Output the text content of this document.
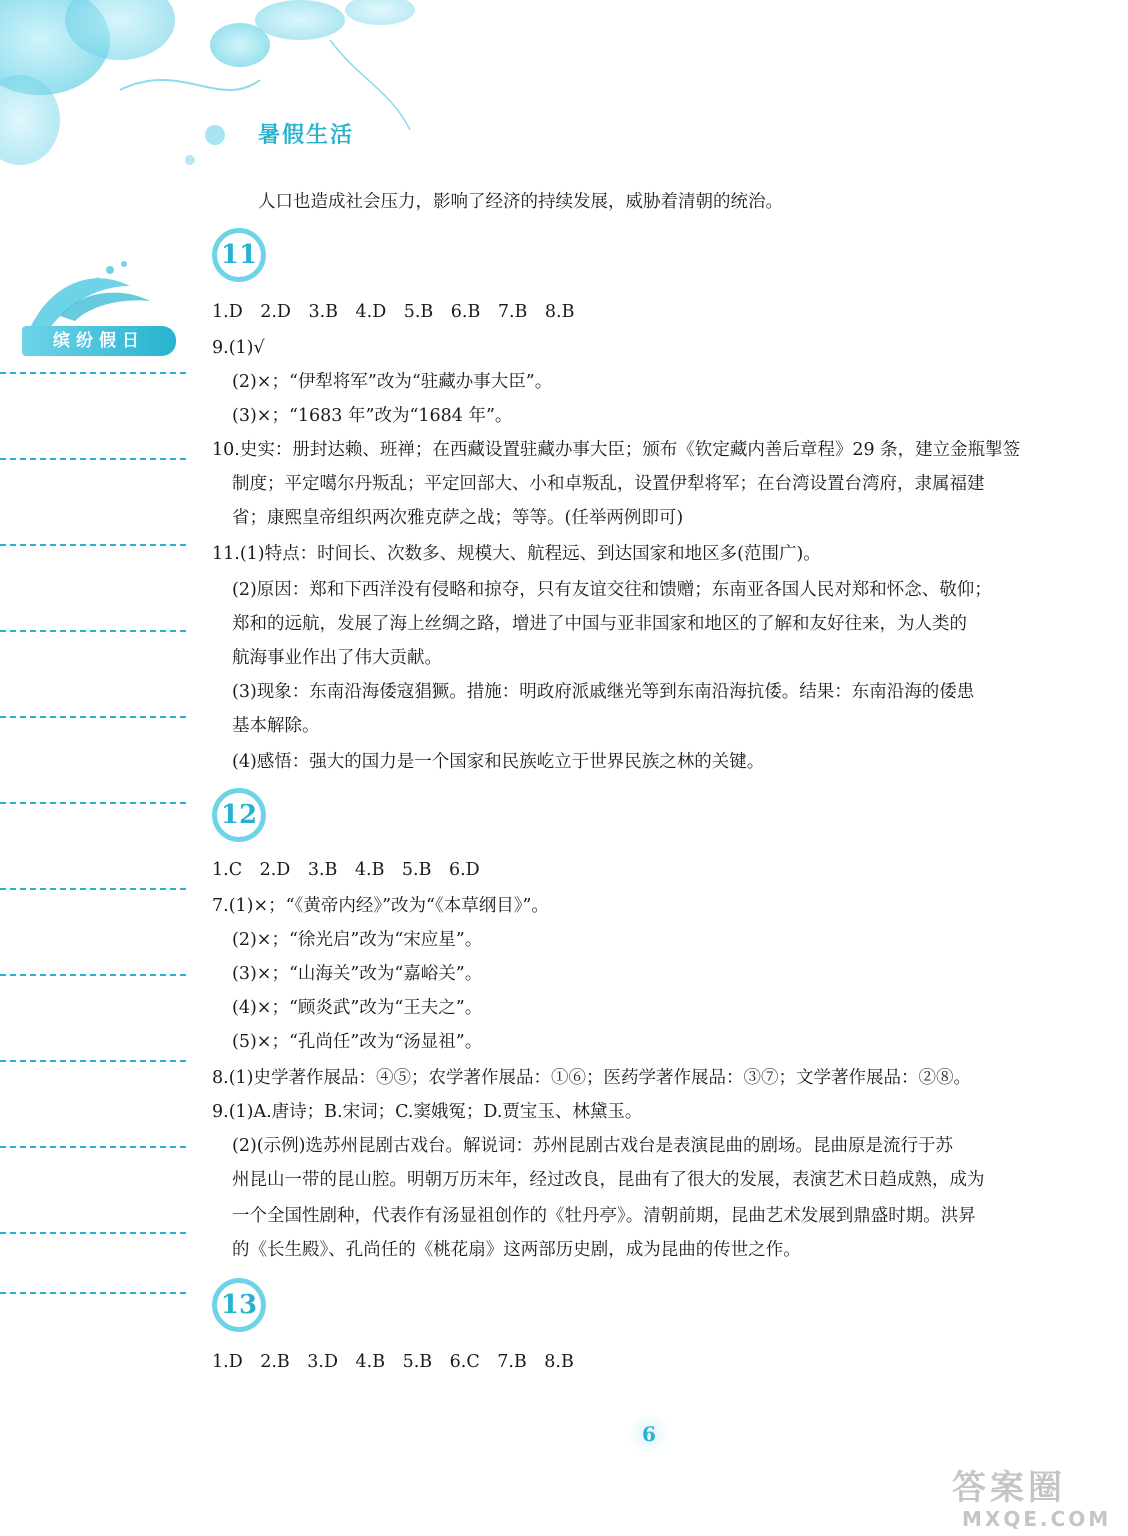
暑假生活
缤纷假日
人口也造成社会压力，影响了经济的持续发展，威胁着清朝的统治。
11
1.D　2.D　3.B　4.D　5.B　6.B　7.B　8.B
9.(1)√
(2)×；“伊犁将军”改为“驻藏办事大臣”。
(3)×；“1683 年”改为“1684 年”。
10.史实：册封达赖、班禅；在西藏设置驻藏办事大臣；颁布《钦定藏内善后章程》29 条，建立金瓶掣签
制度；平定噶尔丹叛乱；平定回部大、小和卓叛乱，设置伊犁将军；在台湾设置台湾府，隶属福建
省；康熙皇帝组织两次雅克萨之战；等等。(任举两例即可)
11.(1)特点：时间长、次数多、规模大、航程远、到达国家和地区多(范围广)。
(2)原因：郑和下西洋没有侵略和掠夺，只有友谊交往和馈赠；东南亚各国人民对郑和怀念、敬仰；
郑和的远航，发展了海上丝绸之路，增进了中国与亚非国家和地区的了解和友好往来，为人类的
航海事业作出了伟大贡献。
(3)现象：东南沿海倭寇猖獗。措施：明政府派戚继光等到东南沿海抗倭。结果：东南沿海的倭患
基本解除。
(4)感悟：强大的国力是一个国家和民族屹立于世界民族之林的关键。
12
1.C　2.D　3.B　4.B　5.B　6.D
7.(1)×；“《黄帝内经》”改为“《本草纲目》”。
(2)×；“徐光启”改为“宋应星”。
(3)×；“山海关”改为“嘉峪关”。
(4)×；“顾炎武”改为“王夫之”。
(5)×；“孔尚任”改为“汤显祖”。
8.(1)史学著作展品：④⑤；农学著作展品：①⑥；医药学著作展品：③⑦；文学著作展品：②⑧。
9.(1)A.唐诗；B.宋词；C.窦娥冤；D.贾宝玉、林黛玉。
(2)(示例)选苏州昆剧古戏台。解说词：苏州昆剧古戏台是表演昆曲的剧场。昆曲原是流行于苏
州昆山一带的昆山腔。明朝万历末年，经过改良，昆曲有了很大的发展，表演艺术日趋成熟，成为
一个全国性剧种，代表作有汤显祖创作的《牡丹亭》。清朝前期，昆曲艺术发展到鼎盛时期。洪昇
的《长生殿》、孔尚任的《桃花扇》这两部历史剧，成为昆曲的传世之作。
13
1.D　2.B　3.D　4.B　5.B　6.C　7.B　8.B
6
答案圈
MXQE.COM
